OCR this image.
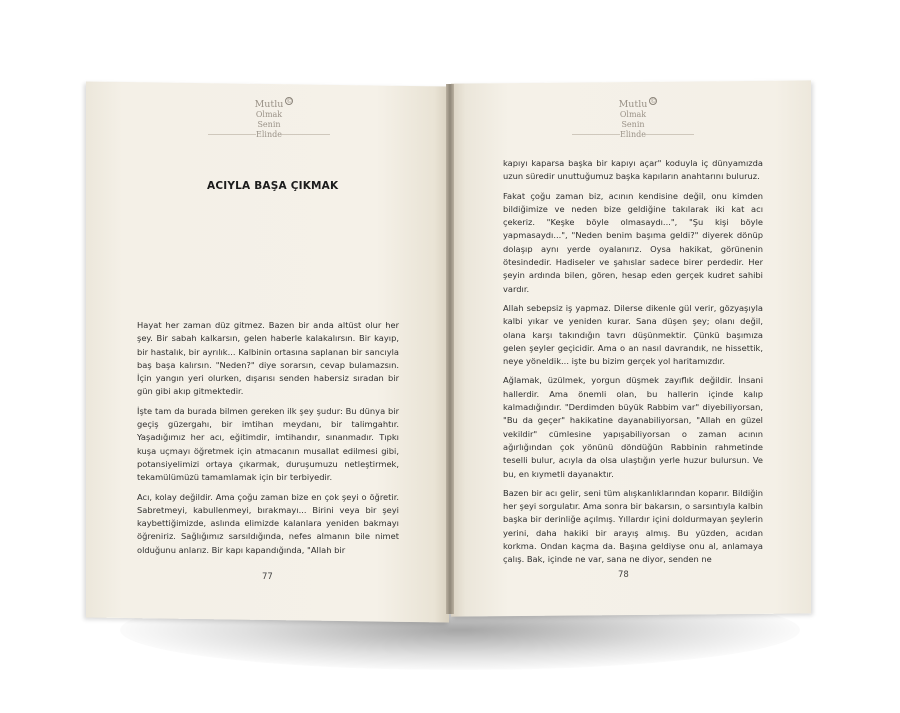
Mutlu ©

Olmak
Senin
Elinde
Mutlu ©

Olmak
Senin
Elinde
ACIYLA BAŞA ÇIKMAK

Hayat her zaman düz gitmez. Bazen bir anda altüst olur her şey. Bir sabah kalkarsın, gelen haberle kalakalırsın. Bir kayıp, bir hastalık, bir ayrılık... Kalbinin ortasına saplanan bir sancıyla baş başa kalırsın. "Neden?" diye sorarsın, cevap bulamazsın. İçin yangın yeri olurken, dışarısı senden habersiz sıradan bir gün gibi akıp gitmektedir.

İşte tam da burada bilmen gereken ilk şey şudur: Bu dünya bir geçiş güzergahı, bir imtihan meydanı, bir talimgahtır. Yaşadığımız her acı, eğitimdir, imtihandır, sınanmadır. Tıpkı kuşa uçmayı öğretmek için atmacanın musallat edilmesi gibi, potansiyelimizi ortaya çıkarmak, duruşumuzu netleştirmek, tekamülümüzü tamamlamak için bir terbiyedir.

Acı, kolay değildir. Ama çoğu zaman bize en çok şeyi o öğretir. Sabretmeyi, kabullenmeyi, bırakmayı... Birini veya bir şeyi kaybettiğimizde, aslında elimizde kalanlara yeniden bakmayı öğreniriz. Sağlığımız sarsıldığında, nefes almanın bile nimet olduğunu anlarız. Bir kapı kapandığında, "Allah bir

77

kapıyı kaparsa başka bir kapıyı açar" koduyla iç dünyamızda uzun süredir unuttuğumuz başka kapıların anahtarını buluruz.

Fakat çoğu zaman biz, acının kendisine değil, onu kimden bildiğimize ve neden bize geldiğine takılarak iki kat acı çekeriz. "Keşke böyle olmasaydı...", "Şu kişi böyle yapmasaydı...", "Neden benim başıma geldi?" diyerek dönüp dolaşıp aynı yerde oyalanırız. Oysa hakikat, görünenin ötesindedir. Hadiseler ve şahıslar sadece birer perdedir. Her şeyin ardında bilen, gören, hesap eden gerçek kudret sahibi vardır.

Allah sebepsiz iş yapmaz. Dilerse dikenle gül verir, gözyaşıyla kalbi yıkar ve yeniden kurar. Sana düşen şey; olanı değil, olana karşı takındığın tavrı düşünmektir. Çünkü başımıza gelen şeyler geçicidir. Ama o an nasıl davrandık, ne hissettik, neye yöneldik... işte bu bizim gerçek yol haritamızdır.

Ağlamak, üzülmek, yorgun düşmek zayıflık değildir. İnsani hallerdir. Ama önemli olan, bu hallerin içinde kalıp kalmadığındır. "Derdimden büyük Rabbim var" diyebiliyorsan, "Bu da geçer" hakikatine dayanabiliyorsan, "Allah en güzel vekildir" cümlesine yapışabiliyorsan o zaman acının ağırlığından çok yönünü döndüğün Rabbinin rahmetinde teselli bulur, acıyla da olsa ulaştığın yerle huzur bulursun. Ve bu, en kıymetli dayanaktır.

Bazen bir acı gelir, seni tüm alışkanlıklarından koparır. Bildiğin her şeyi sorgulatır. Ama sonra bir bakarsın, o sarsıntıyla kalbin başka bir derinliğe açılmış. Yıllardır içini doldurmayan şeylerin yerini, daha hakiki bir arayış almış. Bu yüzden, acıdan korkma. Ondan kaçma da. Başına geldiyse onu al, anlamaya çalış. Bak, içinde ne var, sana ne diyor, senden ne

78
